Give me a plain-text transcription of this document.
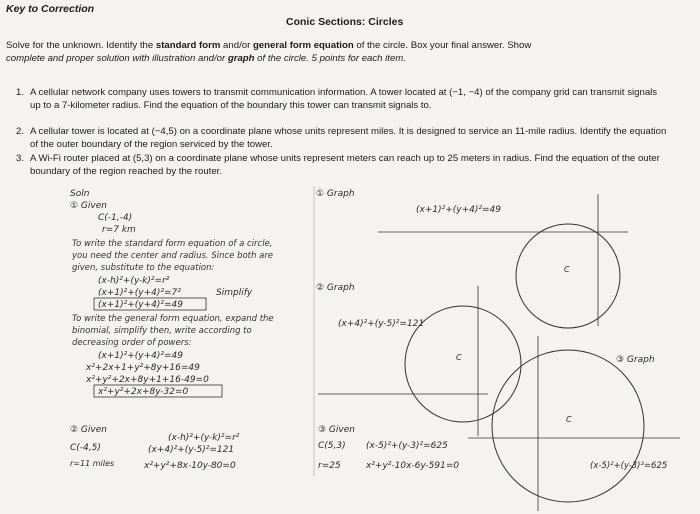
Key to Correction
Conic Sections: Circles
Solve for the unknown. Identify the standard form and/or general form equation of the circle. Box your final answer. Show
complete and proper solution with illustration and/or graph of the circle. 5 points for each item.
1. A cellular network company uses towers to transmit communication information. A tower located at (−1, −4) of the company grid can transmit signals up to a 7-kilometer radius. Find the equation of the boundary this tower can transmit signals to.
2. A cellular tower is located at (−4,5) on a coordinate plane whose units represent miles. It is designed to service an 11-mile radius. Identify the equation of the outer boundary of the region serviced by the tower.
3. A Wi-Fi router placed at (5,3) on a coordinate plane whose units represent meters can reach up to 25 meters in radius. Find the equation of the outer boundary of the region reached by the router.
Soln
① Given
C(-1,-4)
r=7 km
To write the standard form equation of a circle,
you need the center and radius. Since both are
given, substitute to the equation:
(x-h)²+(y-k)²=r²
(x+1)²+(y+4)²=7²	Simplify
(x+1)²+(y+4)²=49
To write the general form equation, expand the
binomial, simplify then, write according to
decreasing order of powers:
(x+1)²+(y+4)²=49
x²+2x+1+y²+8y+16=49
x²+y²+2x+8y+1+16-49=0
x²+y²+2x+8y-32=0
② Given
C(-4,5)
r=11 miles
(x-h)²+(y-k)²=r²
(x+4)²+(y-5)²=121
x²+y²+8x-10y-80=0
① Graph
(x+1)²+(y+4)²=49
C
② Graph
(x+4)²+(y-5)²=121
C	③ Graph
C
(x-5)²+(y-3)²=625
③ Given
C(5,3)
r=25
(x-5)²+(y-3)²=625
x²+y²-10x-6y-591=0
